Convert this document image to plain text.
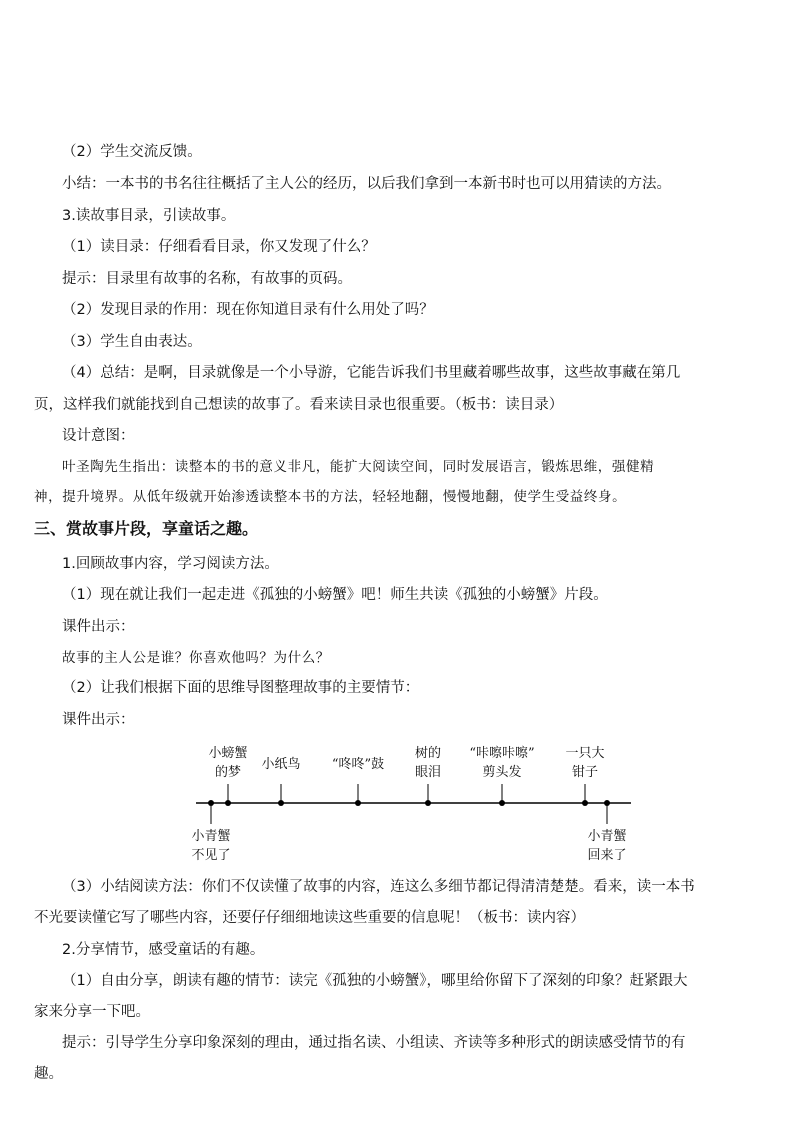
（2）学生交流反馈。
小结：一本书的书名往往概括了主人公的经历，以后我们拿到一本新书时也可以用猜读的方法。
3.读故事目录，引读故事。
（1）读目录：仔细看看目录，你又发现了什么？
提示：目录里有故事的名称，有故事的页码。
（2）发现目录的作用：现在你知道目录有什么用处了吗？
（3）学生自由表达。
（4）总结：是啊，目录就像是一个小导游，它能告诉我们书里藏着哪些故事，这些故事藏在第几
页，这样我们就能找到自己想读的故事了。看来读目录也很重要。（板书：读目录）
设计意图：
叶圣陶先生指出：读整本的书的意义非凡，能扩大阅读空间，同时发展语言，锻炼思维，强健精
神，提升境界。从低年级就开始渗透读整本书的方法，轻轻地翻，慢慢地翻，使学生受益终身。
三、赏故事片段，享童话之趣。
1.回顾故事内容，学习阅读方法。
（1）现在就让我们一起走进《孤独的小螃蟹》吧！师生共读《孤独的小螃蟹》片段。
课件出示：
故事的主人公是谁？你喜欢他吗？为什么？
（2）让我们根据下面的思维导图整理故事的主要情节：
课件出示：
小螃蟹
的梦
小纸鸟 “咚咚”鼓
树的
眼泪
“咔嚓咔嚓”
剪头发
一只大
钳子
小青蟹
不见了
小青蟹
回来了
（3）小结阅读方法：你们不仅读懂了故事的内容，连这么多细节都记得清清楚楚。看来，读一本书
不光要读懂它写了哪些内容，还要仔仔细细地读这些重要的信息呢！（板书：读内容）
2.分享情节，感受童话的有趣。
（1）自由分享，朗读有趣的情节：读完《孤独的小螃蟹》，哪里给你留下了深刻的印象？赶紧跟大
家来分享一下吧。
提示：引导学生分享印象深刻的理由，通过指名读、小组读、齐读等多种形式的朗读感受情节的有
趣。
